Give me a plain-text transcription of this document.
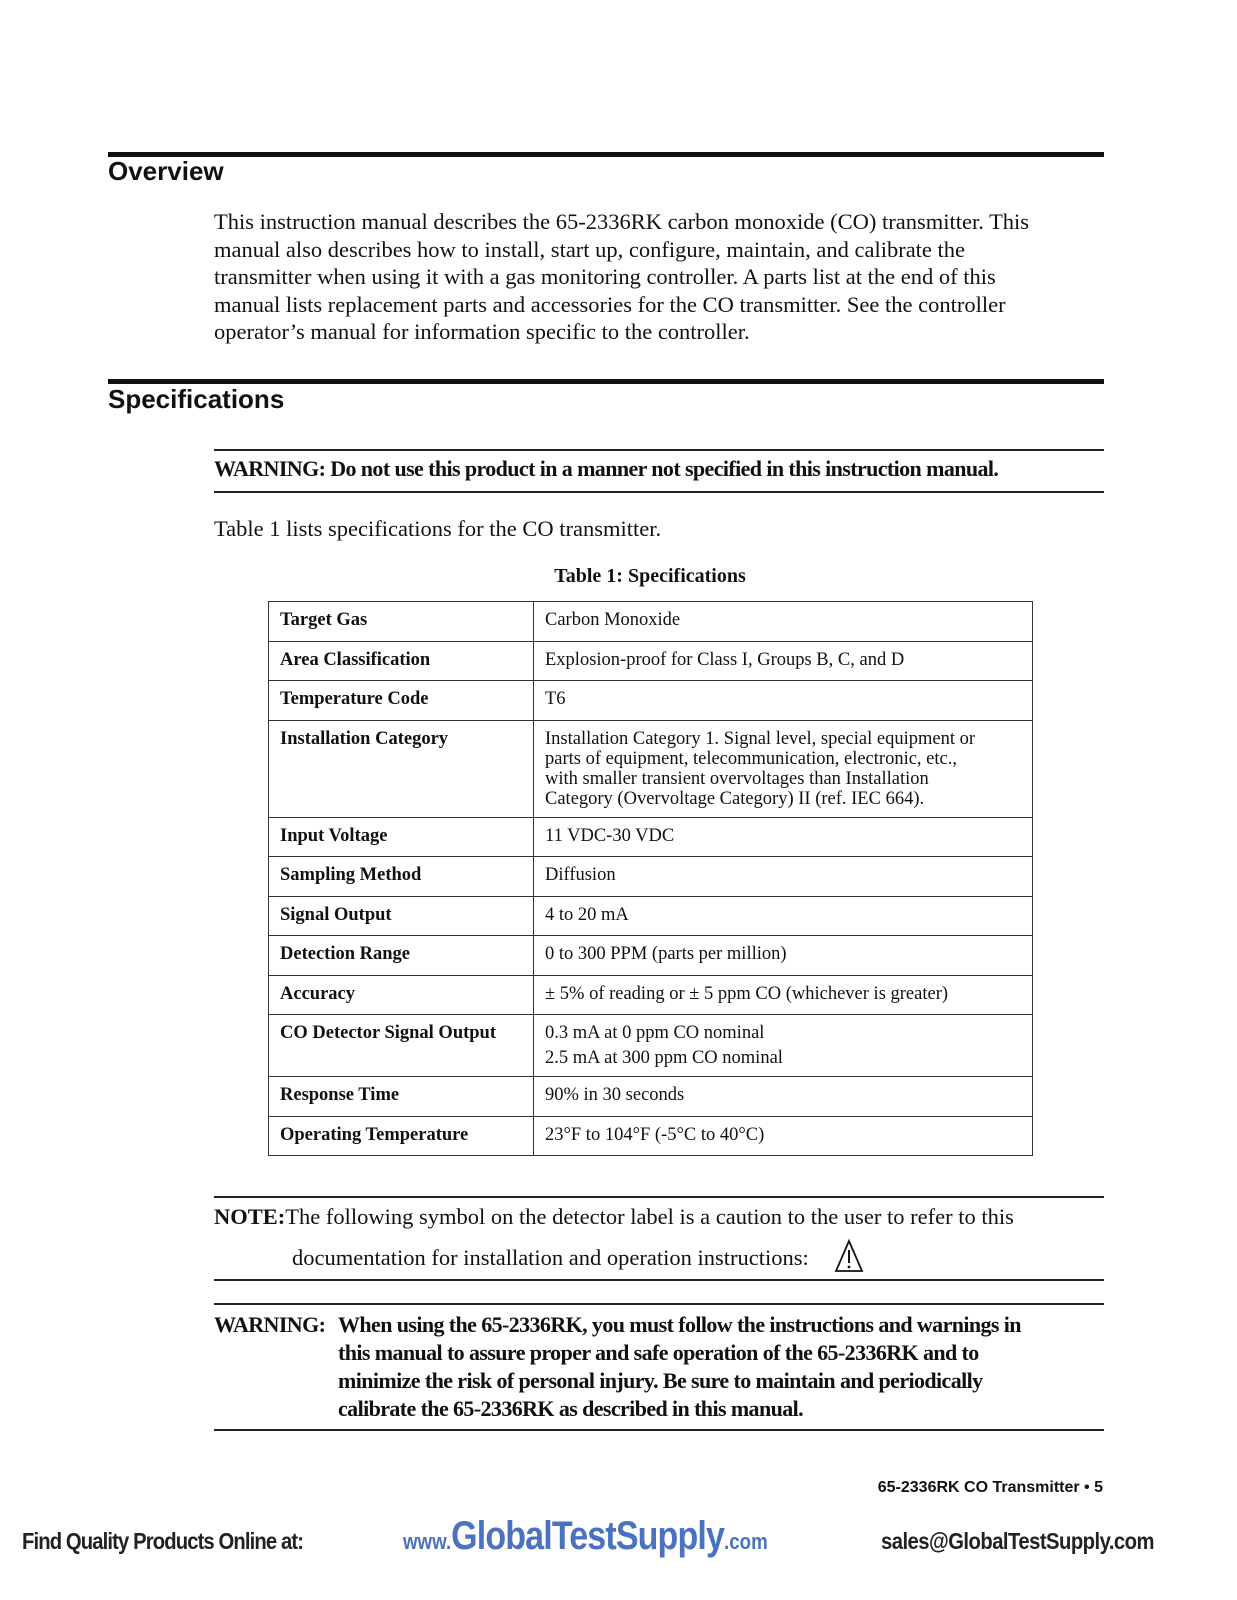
Overview
This instruction manual describes the 65-2336RK carbon monoxide (CO) transmitter. This
manual also describes how to install, start up, configure, maintain, and calibrate the
transmitter when using it with a gas monitoring controller. A parts list at the end of this
manual lists replacement parts and accessories for the CO transmitter. See the controller
operator’s manual for information specific to the controller.
Specifications
WARNING: Do not use this product in a manner not specified in this instruction manual.
Table 1 lists specifications for the CO transmitter.
Table 1: Specifications
Target Gas	Carbon Monoxide

Area Classification	Explosion-proof for Class I, Groups B, C, and D

Temperature Code	T6

Installation Category	Installation Category 1. Signal level, special equipment or
parts of equipment, telecommunication, electronic, etc.,
with smaller transient overvoltages than Installation
Category (Overvoltage Category) II (ref. IEC 664).

Input Voltage	11 VDC-30 VDC

Sampling Method	Diffusion

Signal Output	4 to 20 mA

Detection Range	0 to 300 PPM (parts per million)

Accuracy	± 5% of reading or ± 5 ppm CO (whichever is greater)

CO Detector Signal Output	0.3 mA at 0 ppm CO nominal
2.5 mA at 300 ppm CO nominal

Response Time	90% in 30 seconds

Operating Temperature	23°F to 104°F (-5°C to 40°C)
NOTE:The following symbol on the detector label is a caution to the user to refer to this
documentation for installation and operation instructions:
WARNING: When using the 65-2336RK, you must follow the instructions and warnings in
this manual to assure proper and safe operation of the 65-2336RK and to
minimize the risk of personal injury. Be sure to maintain and periodically
calibrate the 65-2336RK as described in this manual.
65-2336RK CO Transmitter • 5
Find Quality Products Online at:	www.GlobalTestSupply.com	sales@GlobalTestSupply.com
